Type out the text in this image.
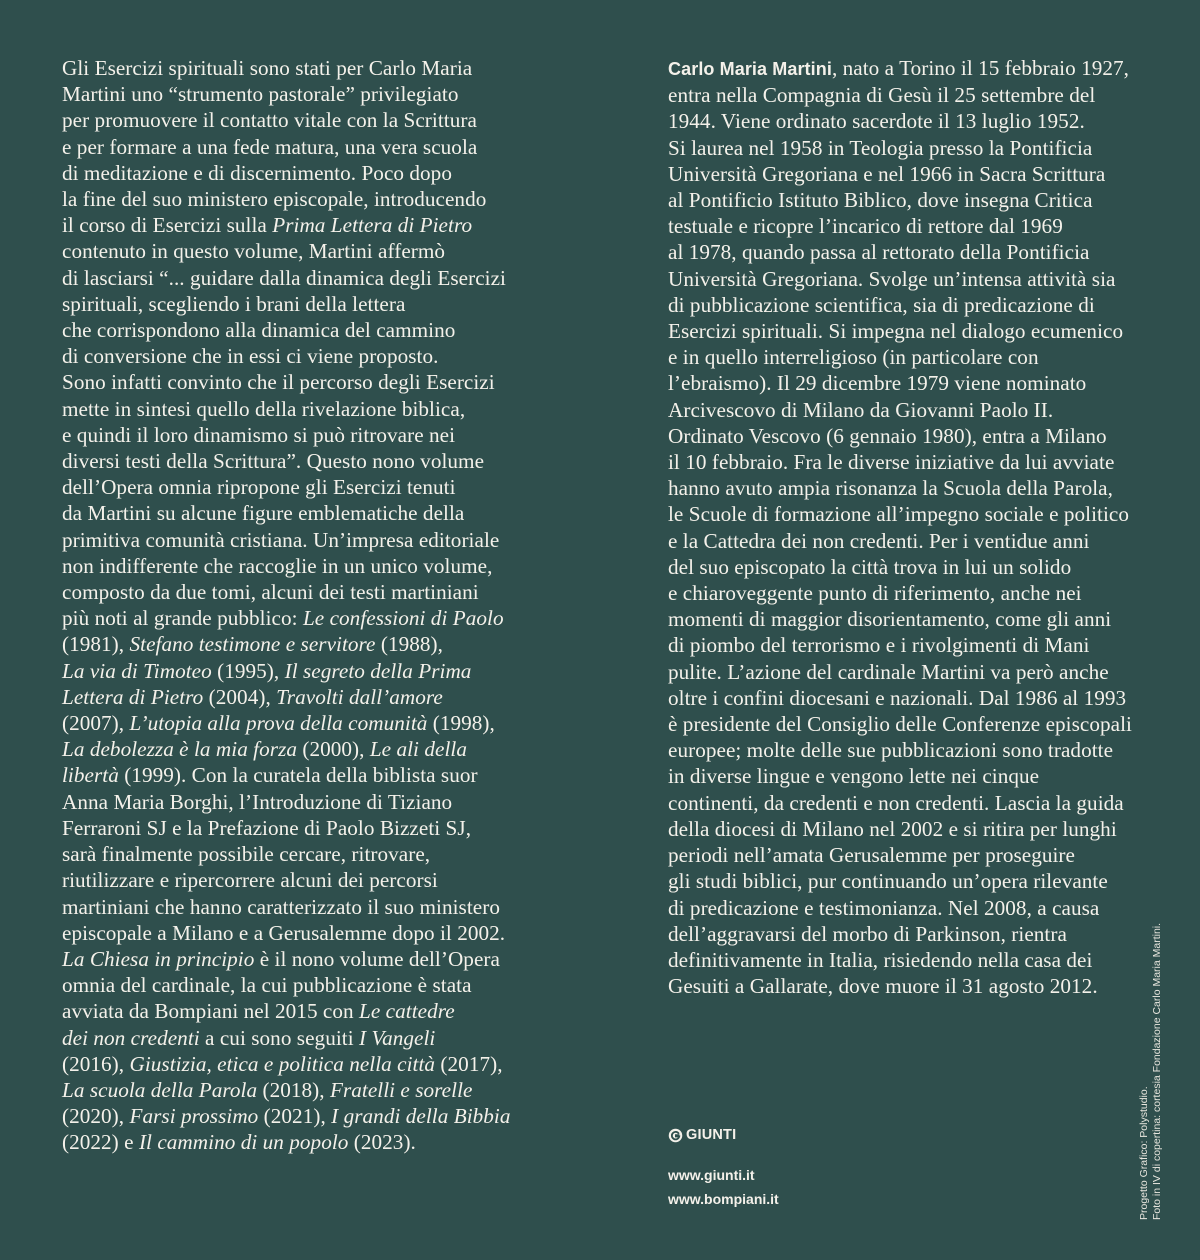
Gli Esercizi spirituali sono stati per Carlo Maria
Martini uno “strumento pastorale” privilegiato
per promuovere il contatto vitale con la Scrittura
e per formare a una fede matura, una vera scuola
di meditazione e di discernimento. Poco dopo
la fine del suo ministero episcopale, introducendo
il corso di Esercizi sulla Prima Lettera di Pietro
contenuto in questo volume, Martini affermò
di lasciarsi “... guidare dalla dinamica degli Esercizi
spirituali, scegliendo i brani della lettera
che corrispondono alla dinamica del cammino
di conversione che in essi ci viene proposto.
Sono infatti convinto che il percorso degli Esercizi
mette in sintesi quello della rivelazione biblica,
e quindi il loro dinamismo si può ritrovare nei
diversi testi della Scrittura”. Questo nono volume
dell’Opera omnia ripropone gli Esercizi tenuti
da Martini su alcune figure emblematiche della
primitiva comunità cristiana. Un’impresa editoriale
non indifferente che raccoglie in un unico volume,
composto da due tomi, alcuni dei testi martiniani
più noti al grande pubblico: Le confessioni di Paolo
(1981), Stefano testimone e servitore (1988),
La via di Timoteo (1995), Il segreto della Prima
Lettera di Pietro (2004), Travolti dall’amore
(2007), L’utopia alla prova della comunità (1998),
La debolezza è la mia forza (2000), Le ali della
libertà (1999). Con la curatela della biblista suor
Anna Maria Borghi, l’Introduzione di Tiziano
Ferraroni SJ e la Prefazione di Paolo Bizzeti SJ,
sarà finalmente possibile cercare, ritrovare,
riutilizzare e ripercorrere alcuni dei percorsi
martiniani che hanno caratterizzato il suo ministero
episcopale a Milano e a Gerusalemme dopo il 2002.
La Chiesa in principio è il nono volume dell’Opera
omnia del cardinale, la cui pubblicazione è stata
avviata da Bompiani nel 2015 con Le cattedre
dei non credenti a cui sono seguiti I Vangeli
(2016), Giustizia, etica e politica nella città (2017),
La scuola della Parola (2018), Fratelli e sorelle
(2020), Farsi prossimo (2021), I grandi della Bibbia
(2022) e Il cammino di un popolo (2023).
Carlo Maria Martini, nato a Torino il 15 febbraio 1927,
entra nella Compagnia di Gesù il 25 settembre del
1944. Viene ordinato sacerdote il 13 luglio 1952.
Si laurea nel 1958 in Teologia presso la Pontificia
Università Gregoriana e nel 1966 in Sacra Scrittura
al Pontificio Istituto Biblico, dove insegna Critica
testuale e ricopre l’incarico di rettore dal 1969
al 1978, quando passa al rettorato della Pontificia
Università Gregoriana. Svolge un’intensa attività sia
di pubblicazione scientifica, sia di predicazione di
Esercizi spirituali. Si impegna nel dialogo ecumenico
e in quello interreligioso (in particolare con
l’ebraismo). Il 29 dicembre 1979 viene nominato
Arcivescovo di Milano da Giovanni Paolo II.
Ordinato Vescovo (6 gennaio 1980), entra a Milano
il 10 febbraio. Fra le diverse iniziative da lui avviate
hanno avuto ampia risonanza la Scuola della Parola,
le Scuole di formazione all’impegno sociale e politico
e la Cattedra dei non credenti. Per i ventidue anni
del suo episcopato la città trova in lui un solido
e chiaroveggente punto di riferimento, anche nei
momenti di maggior disorientamento, come gli anni
di piombo del terrorismo e i rivolgimenti di Mani
pulite. L’azione del cardinale Martini va però anche
oltre i confini diocesani e nazionali. Dal 1986 al 1993
è presidente del Consiglio delle Conferenze episcopali
europee; molte delle sue pubblicazioni sono tradotte
in diverse lingue e vengono lette nei cinque
continenti, da credenti e non credenti. Lascia la guida
della diocesi di Milano nel 2002 e si ritira per lunghi
periodi nell’amata Gerusalemme per proseguire
gli studi biblici, pur continuando un’opera rilevante
di predicazione e testimonianza. Nel 2008, a causa
dell’aggravarsi del morbo di Parkinson, rientra
definitivamente in Italia, risiedendo nella casa dei
Gesuiti a Gallarate, dove muore il 31 agosto 2012.
GIUNTI
www.giunti.it
www.bompiani.it	Progetto Grafico: Polystudio. Foto in IV di copertina: cortesia Fondazione Carlo Maria Martini.
